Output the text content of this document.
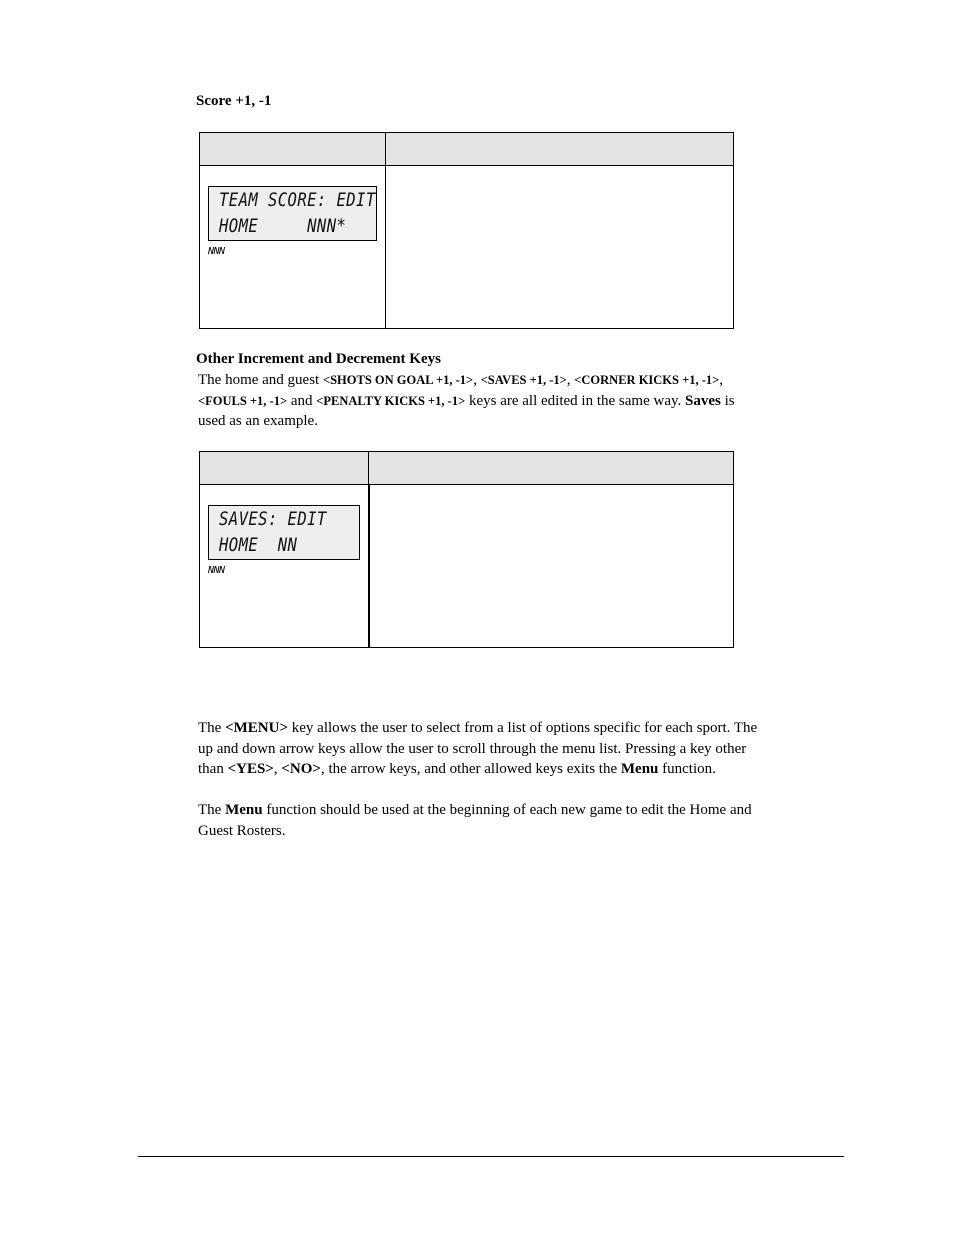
Score +1, -1

TEAM SCORE: EDIT
HOME     NNN*
NNN	

Other Increment and Decrement Keys
The home and guest <SHOTS ON GOAL +1, -1>, <SAVES +1, -1>, <CORNER KICKS +1, -1>,
<FOULS +1, -1> and <PENALTY KICKS +1, -1> keys are all edited in the same way. Saves is
used as an example.

SAVES: EDIT
HOME  NN
NNN	

The <MENU> key allows the user to select from a list of options specific for each sport. The
up and down arrow keys allow the user to scroll through the menu list. Pressing a key other
than <YES>, <NO>, the arrow keys, and other allowed keys exits the Menu function.
The Menu function should be used at the beginning of each new game to edit the Home and
Guest Rosters.
